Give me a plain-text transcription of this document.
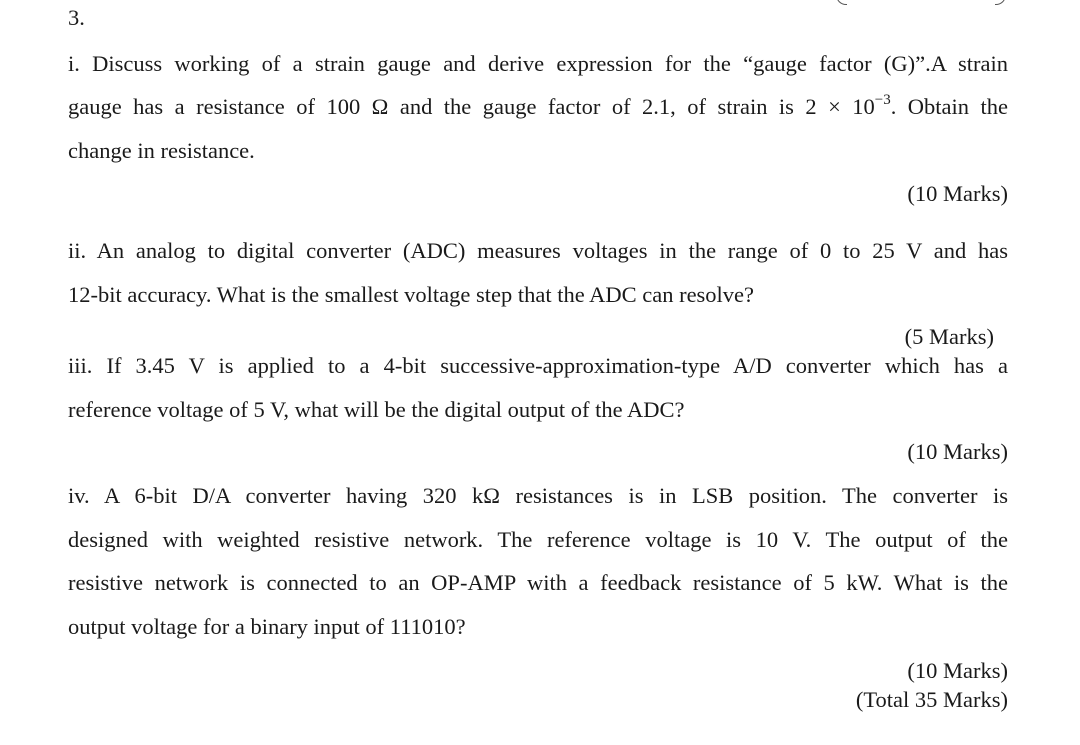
3.
i. Discuss working of a strain gauge and derive expression for the “gauge factor (G)”.A strain
gauge has a resistance of 100 Ω and the gauge factor of 2.1, of strain is $2 \times 10^{-3}$. Obtain the
change in resistance.
(10 Marks)
ii. An analog to digital converter (ADC) measures voltages in the range of 0 to 25 V and has
12-bit accuracy. What is the smallest voltage step that the ADC can resolve?
(5 Marks)
iii. If 3.45 V is applied to a 4-bit successive-approximation-type A/D converter which has a
reference voltage of 5 V, what will be the digital output of the ADC?
(10 Marks)
iv. A 6-bit D/A converter having 320 kΩ resistances is in LSB position. The converter is
designed with weighted resistive network. The reference voltage is 10 V. The output of the
resistive network is connected to an OP-AMP with a feedback resistance of 5 kW. What is the
output voltage for a binary input of 111010?
(10 Marks)
(Total 35 Marks)
